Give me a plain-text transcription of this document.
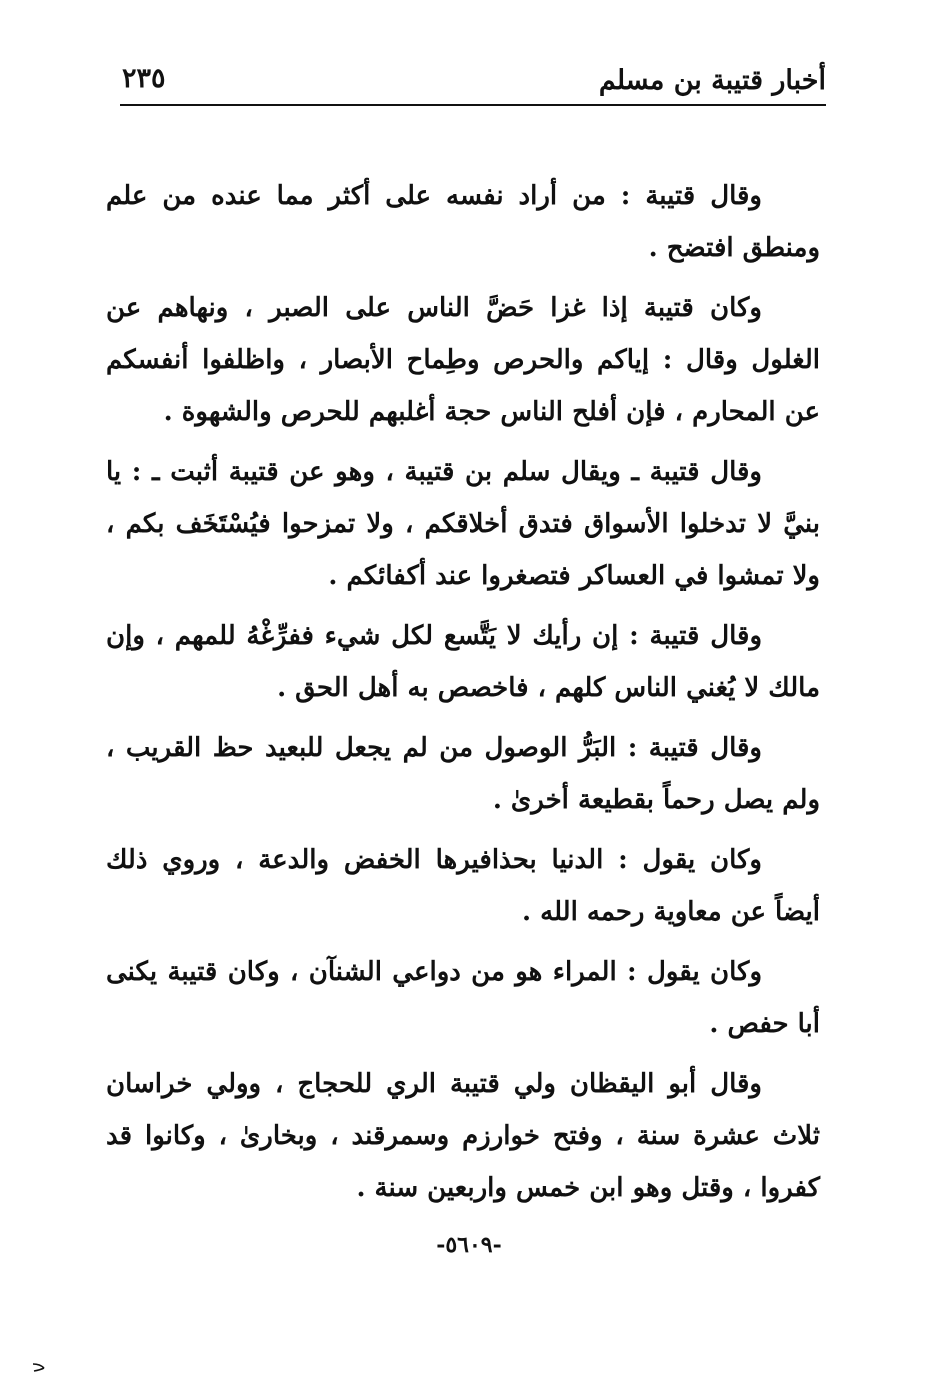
أخبار قتيبة بن مسلم
٢٣٥

وقال قتيبة : من أراد نفسه على أكثر مما عنده من علم ومنطق افتضح .

وكان قتيبة إذا غزا حَضَّ الناس على الصبر ، ونهاهم عن الغلول وقال : إياكم والحرص وطِماح الأبصار ، واظلفوا أنفسكم عن المحارم ، فإن أفلح الناس حجة أغلبهم للحرص والشهوة .

وقال قتيبة ـ ويقال سلم بن قتيبة ، وهو عن قتيبة أثبت ـ : يا بنيَّ لا تدخلوا الأسواق فتدق أخلاقكم ، ولا تمزحوا فيُسْتَخَف بكم ، ولا تمشوا في العساكر فتصغروا عند أكفائكم .

وقال قتيبة : إن رأيك لا يَتَّسع لكل شيء ففرِّغْهُ للمهم ، وإن مالك لا يُغني الناس كلهم ، فاخصص به أهل الحق .

وقال قتيبة : البَرُّ الوصول من لم يجعل للبعيد حظ القريب ، ولم يصل رحماً بقطيعة أخرىٰ .

وكان يقول : الدنيا بحذافيرها الخفض والدعة ، وروي ذلك أيضاً عن معاوية رحمه الله .

وكان يقول : المراء هو من دواعي الشنآن ، وكان قتيبة يكنى أبا حفص .

وقال أبو اليقظان ولي قتيبة الري للحجاج ، وولي خراسان ثلاث عشرة سنة ، وفتح خوارزم وسمرقند ، وبخارىٰ ، وكانوا قد كفروا ، وقتل وهو ابن خمس واربعين سنة .

-٥٦٠٩-
